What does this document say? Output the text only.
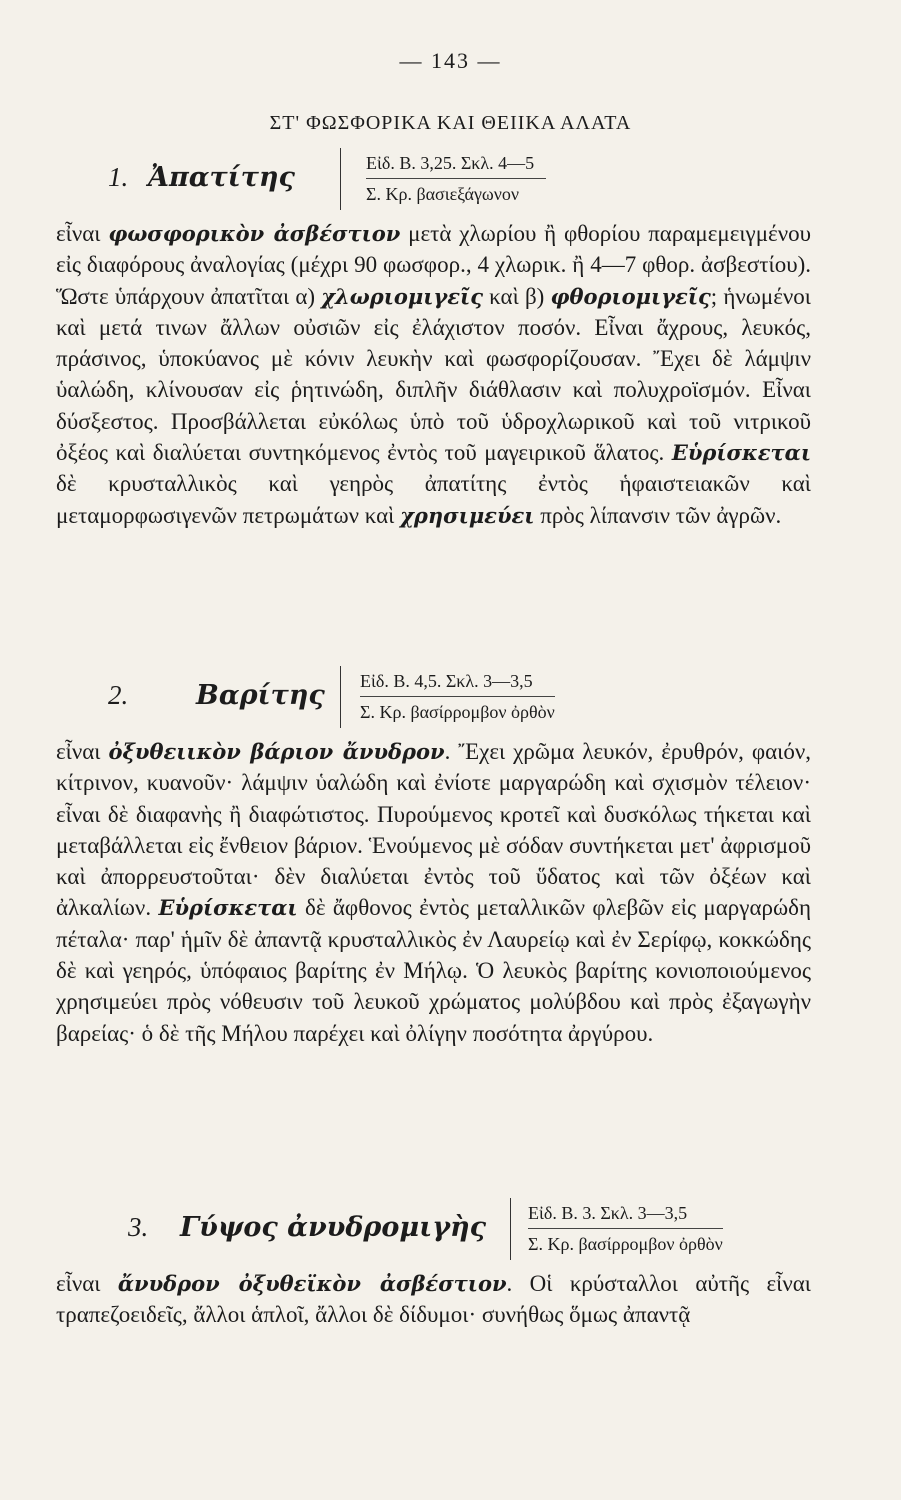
— 143 —
ΣΤ' ΦΩΣΦΟΡΙΚΑ ΚΑΙ ΘΕΙΙΚΑ ΑΛΑΤΑ
1. Ἀπατίτης	Εἰδ. Β. 3,25. Σκλ. 4—5
Σ. Κρ. βασιεξάγωνον

εἶναι φωσφορικὸν ἀσβέστιον μετὰ χλωρίου ἢ φθορίου παραμεμειγμένου εἰς διαφόρους ἀναλογίας (μέχρι 90 φωσφορ., 4 χλωρικ. ἢ 4—7 φθορ. ἀσβεστίου). Ὥστε ὑπάρχουν ἀπατῖται α) χλωριομιγεῖς καὶ β) φθοριομιγεῖς; ἡνωμένοι καὶ μετά τινων ἄλλων οὐσιῶν εἰς ἐλάχιστον ποσόν. Εἶναι ἄχρους, λευκός, πράσινος, ὑποκύανος μὲ κόνιν λευκὴν καὶ φωσφορίζουσαν. Ἔχει δὲ λάμψιν ὑαλώδη, κλίνουσαν εἰς ῥητινώδη, διπλῆν διάθλασιν καὶ πολυχροϊσμόν. Εἶναι δύσξεστος. Προσβάλλεται εὐκόλως ὑπὸ τοῦ ὑδροχλωρικοῦ καὶ τοῦ νιτρικοῦ ὀξέος καὶ διαλύεται συντηκόμενος ἐντὸς τοῦ μαγειρικοῦ ἅλατος. Εὑρίσκεται δὲ κρυσταλλικὸς καὶ γεηρὸς ἀπατίτης ἐντὸς ἡφαιστειακῶν καὶ μεταμορφωσιγενῶν πετρωμάτων καὶ χρησιμεύει πρὸς λίπανσιν τῶν ἀγρῶν.

2.	Βαρίτης Εἰδ. Β. 4,5. Σκλ. 3—3,5
Σ. Κρ. βασίρρομβον ὀρθὸν

εἶναι ὀξυθειικὸν βάριον ἄνυδρον. Ἔχει χρῶμα λευκόν, ἐρυθρόν, φαιόν, κίτρινον, κυανοῦν· λάμψιν ὑαλώδη καὶ ἐνίοτε μαργαρώδη καὶ σχισμὸν τέλειον· εἶναι δὲ διαφανὴς ἢ διαφώτιστος. Πυρούμενος κροτεῖ καὶ δυσκόλως τήκεται καὶ μεταβάλλεται εἰς ἔνθειον βάριον. Ἑνούμενος μὲ σόδαν συντήκεται μετ' ἀφρισμοῦ καὶ ἀπορρευστοῦται· δὲν διαλύεται ἐντὸς τοῦ ὕδατος καὶ τῶν ὀξέων καὶ ἀλκαλίων. Εὑρίσκεται δὲ ἄφθονος ἐντὸς μεταλλικῶν φλεβῶν εἰς μαργαρώδη πέταλα· παρ' ἡμῖν δὲ ἀπαντᾷ κρυσταλλικὸς ἐν Λαυρείῳ καὶ ἐν Σερίφῳ, κοκκώδης δὲ καὶ γεηρός, ὑπόφαιος βαρίτης ἐν Μήλῳ. Ὁ λευκὸς βαρίτης κονιοποιούμενος χρησιμεύει πρὸς νόθευσιν τοῦ λευκοῦ χρώματος μολύβδου καὶ πρὸς ἐξαγωγὴν βαρείας· ὁ δὲ τῆς Μήλου παρέχει καὶ ὀλίγην ποσότητα ἀργύρου.

3. Γύψος ἀνυδρομιγὴς Εἰδ. Β. 3. Σκλ. 3—3,5
Σ. Κρ. βασίρρομβον ὀρθὸν

εἶναι ἄνυδρον ὀξυθεϊκὸν ἀσβέστιον. Οἱ κρύσταλλοι αὐτῆς εἶναι τραπεζοειδεῖς, ἄλλοι ἁπλοῖ, ἄλλοι δὲ δίδυμοι· συνήθως ὅμως ἀπαντᾷ
